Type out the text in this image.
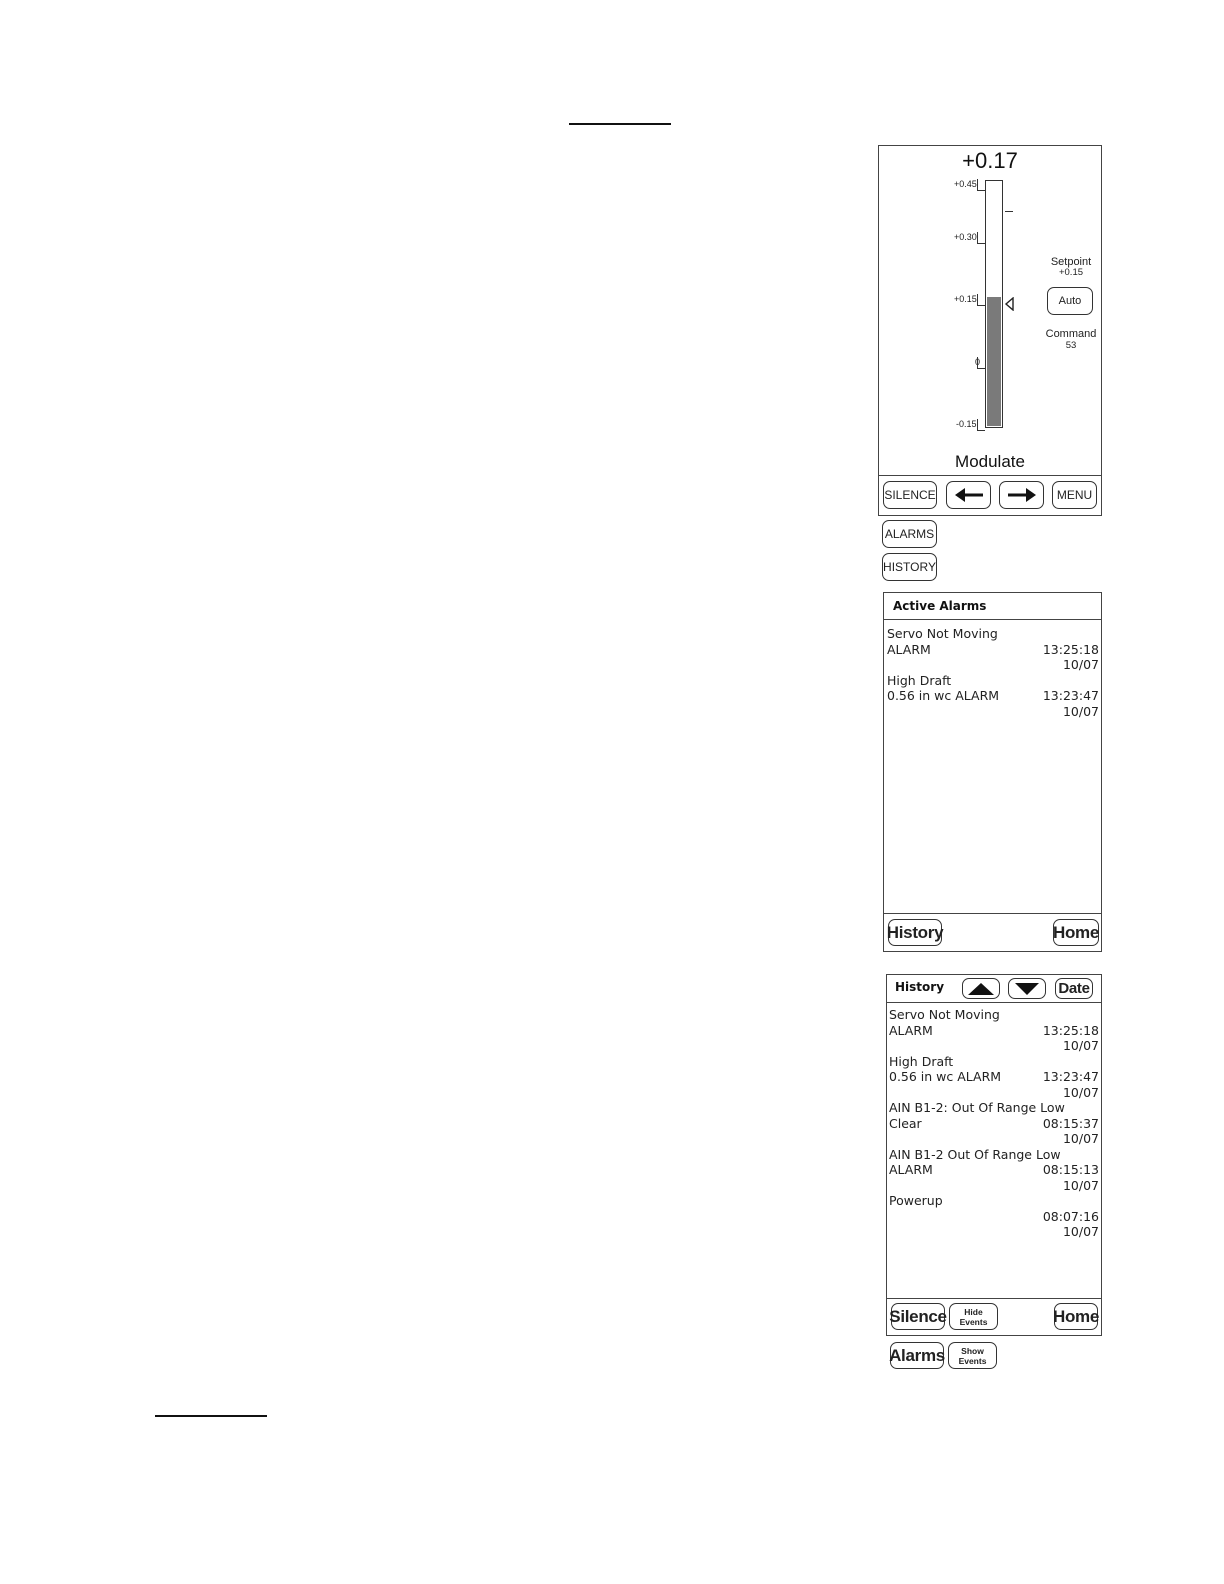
+0.17
+0.45
+0.30
+0.15
0
-0.15
Setpoint
+0.15
Auto
Command
53
Modulate
SILENCE	MENU
ALARMS
HISTORY
Active Alarms
Servo Not Moving
ALARM	13:25:18
10/07
High Draft
0.56 in wc ALARM	13:23:47
10/07
History	Home
History	Date
Servo Not Moving
ALARM	13:25:18
10/07
High Draft
0.56 in wc ALARM	13:23:47
10/07
AIN B1-2: Out Of Range Low
Clear	08:15:37
10/07
AIN B1-2 Out Of Range Low
ALARM	08:15:13
10/07
Powerup
08:07:16
10/07
Silence Hide
Events	Home
Alarms Show
Events
